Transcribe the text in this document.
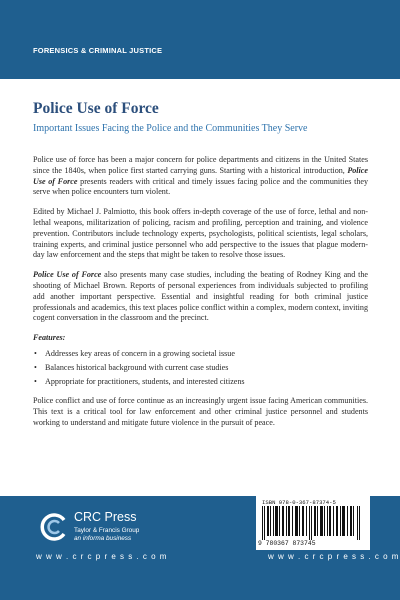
FORENSICS & CRIMINAL JUSTICE
Police Use of Force
Important Issues Facing the Police and the Communities They Serve

Police use of force has been a major concern for police departments and citizens in the United States since the 1840s, when police first started carrying guns. Starting with a historical introduction, Police Use of Force presents readers with critical and timely issues facing police and the communities they serve when police encounters turn violent.

Edited by Michael J. Palmiotto, this book offers in-depth coverage of the use of force, lethal and non-lethal weapons, militarization of policing, racism and profiling, perception and training, and violence prevention. Contributors include technology experts, psychologists, political scientists, legal scholars, training experts, and criminal justice personnel who add perspective to the issues that plague modern-day law enforcement and the steps that might be taken to resolve those issues.

Police Use of Force also presents many case studies, including the beating of Rodney King and the shooting of Michael Brown. Reports of personal experiences from individuals subjected to profiling add another important perspective. Essential and insightful reading for both criminal justice professionals and academics, this text places police conflict within a complex, modern context, inviting cogent conversation in the classroom and the precinct.

Features:

• Addresses key areas of concern in a growing societal issue
• Balances historical background with current case studies
• Appropriate for practitioners, students, and interested citizens

Police conflict and use of force continue as an increasingly urgent issue facing American communities. This text is a critical tool for law enforcement and other criminal justice personnel and students working to understand and mitigate future violence in the pursuit of peace.

CRC Press
Taylor & Francis Group
an informa business
w w w . c r c p r e s s . c o m
ISBN 978-0-367-87374-5
9 780367 873745
w w w . c r c p r e s s . c o m
